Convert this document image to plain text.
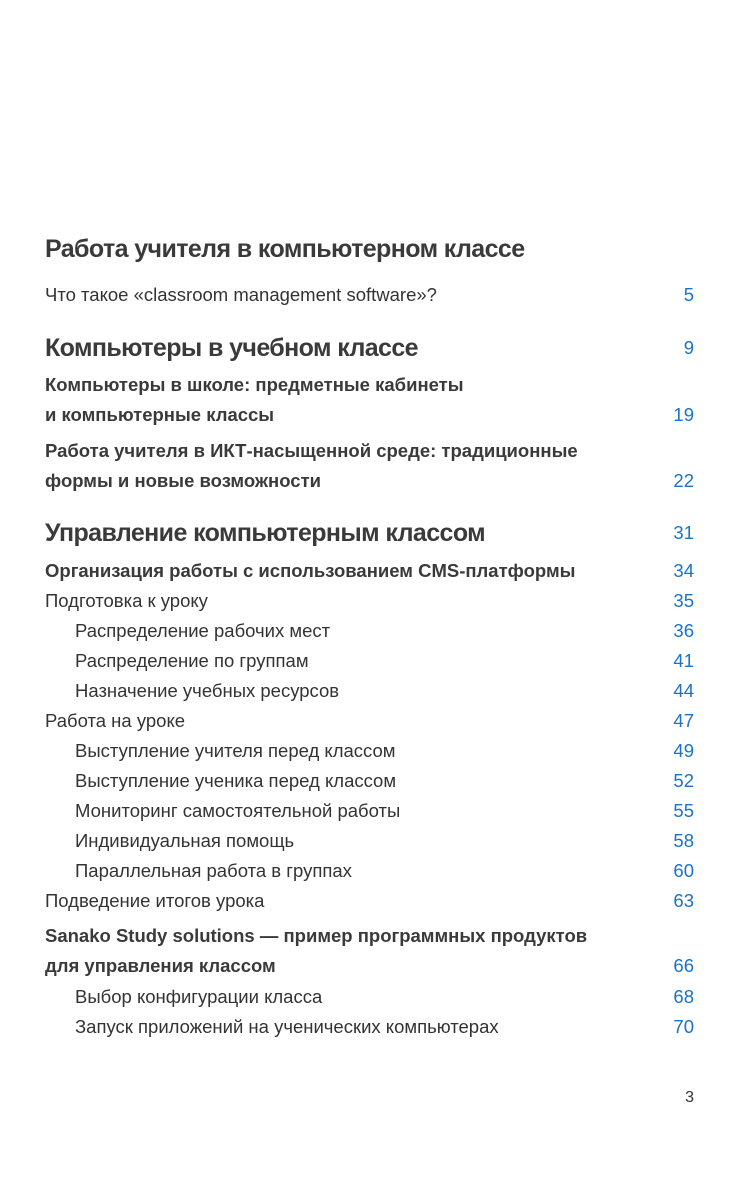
Работа учителя в компьютерном классе
Что такое «classroom management software»?	5
Компьютеры в учебном классе	9
Компьютеры в школе: предметные кабинеты
и компьютерные классы	19
Работа учителя в ИКТ-насыщенной среде: традиционные
формы и новые возможности	22
Управление компьютерным классом	31
Организация работы с использованием CMS-платформы	34
Подготовка к уроку	35
Распределение рабочих мест	36
Распределение по группам	41
Назначение учебных ресурсов	44
Работа на уроке	47
Выступление учителя перед классом	49
Выступление ученика перед классом	52
Мониторинг самостоятельной работы	55
Индивидуальная помощь	58
Параллельная работа в группах	60
Подведение итогов урока	63
Sanako Study solutions — пример программных продуктов
для управления классом	66
Выбор конфигурации класса	68
Запуск приложений на ученических компьютерах	70
3
